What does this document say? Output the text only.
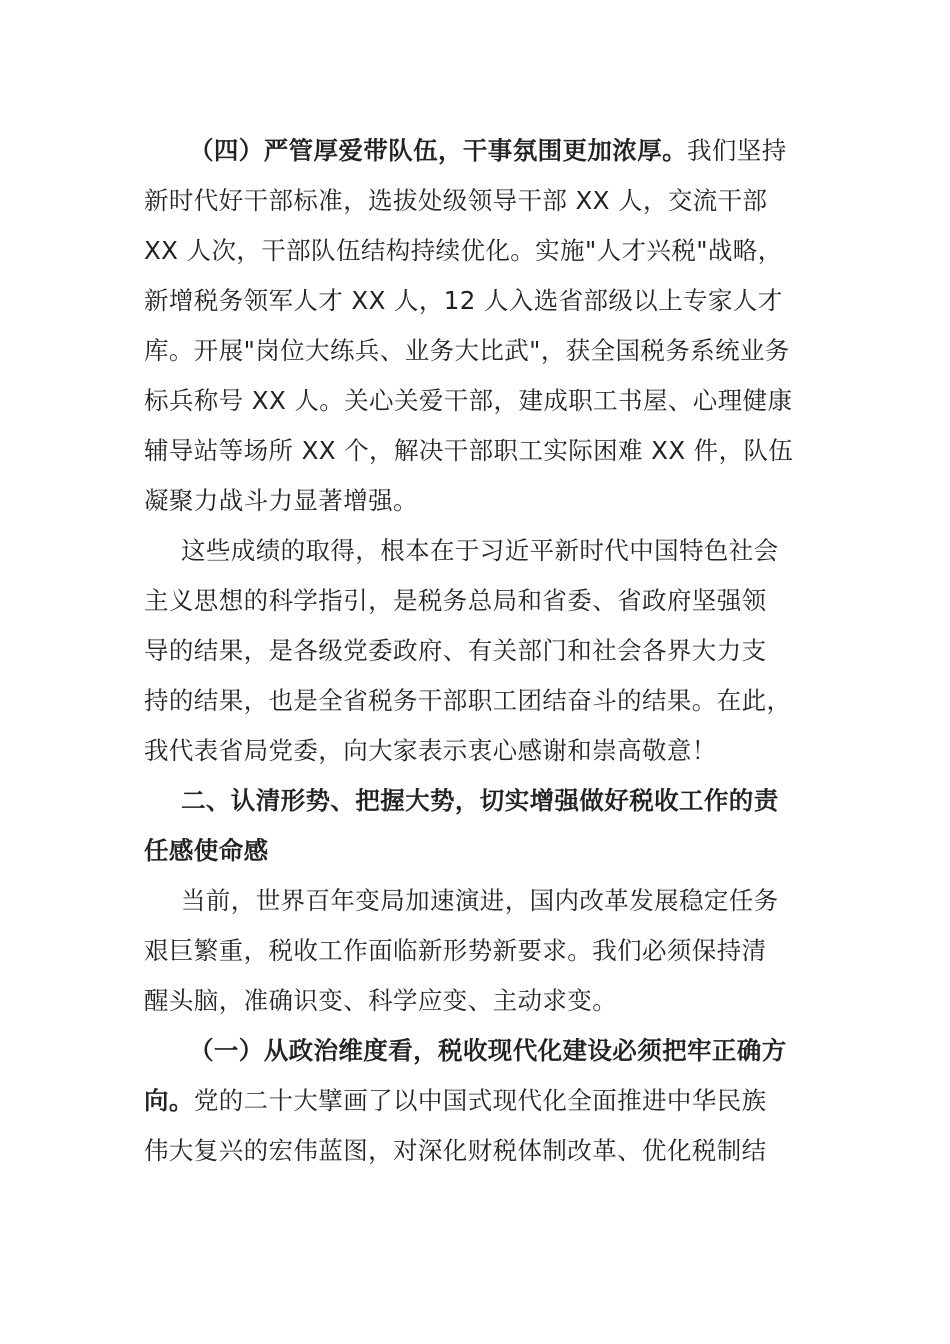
（四）严管厚爱带队伍，干事氛围更加浓厚。我们坚持
新时代好干部标准，选拔处级领导干部 XX 人，交流干部
XX 人次，干部队伍结构持续优化。实施"人才兴税"战略，
新增税务领军人才 XX 人，12 人入选省部级以上专家人才
库。开展"岗位大练兵、业务大比武"，获全国税务系统业务
标兵称号 XX 人。关心关爱干部，建成职工书屋、心理健康
辅导站等场所 XX 个，解决干部职工实际困难 XX 件，队伍
凝聚力战斗力显著增强。
这些成绩的取得，根本在于习近平新时代中国特色社会
主义思想的科学指引，是税务总局和省委、省政府坚强领
导的结果，是各级党委政府、有关部门和社会各界大力支
持的结果，也是全省税务干部职工团结奋斗的结果。在此，
我代表省局党委，向大家表示衷心感谢和崇高敬意！
二、认清形势、把握大势，切实增强做好税收工作的责
任感使命感
当前，世界百年变局加速演进，国内改革发展稳定任务
艰巨繁重，税收工作面临新形势新要求。我们必须保持清
醒头脑，准确识变、科学应变、主动求变。
（一）从政治维度看，税收现代化建设必须把牢正确方
向。党的二十大擘画了以中国式现代化全面推进中华民族
伟大复兴的宏伟蓝图，对深化财税体制改革、优化税制结
